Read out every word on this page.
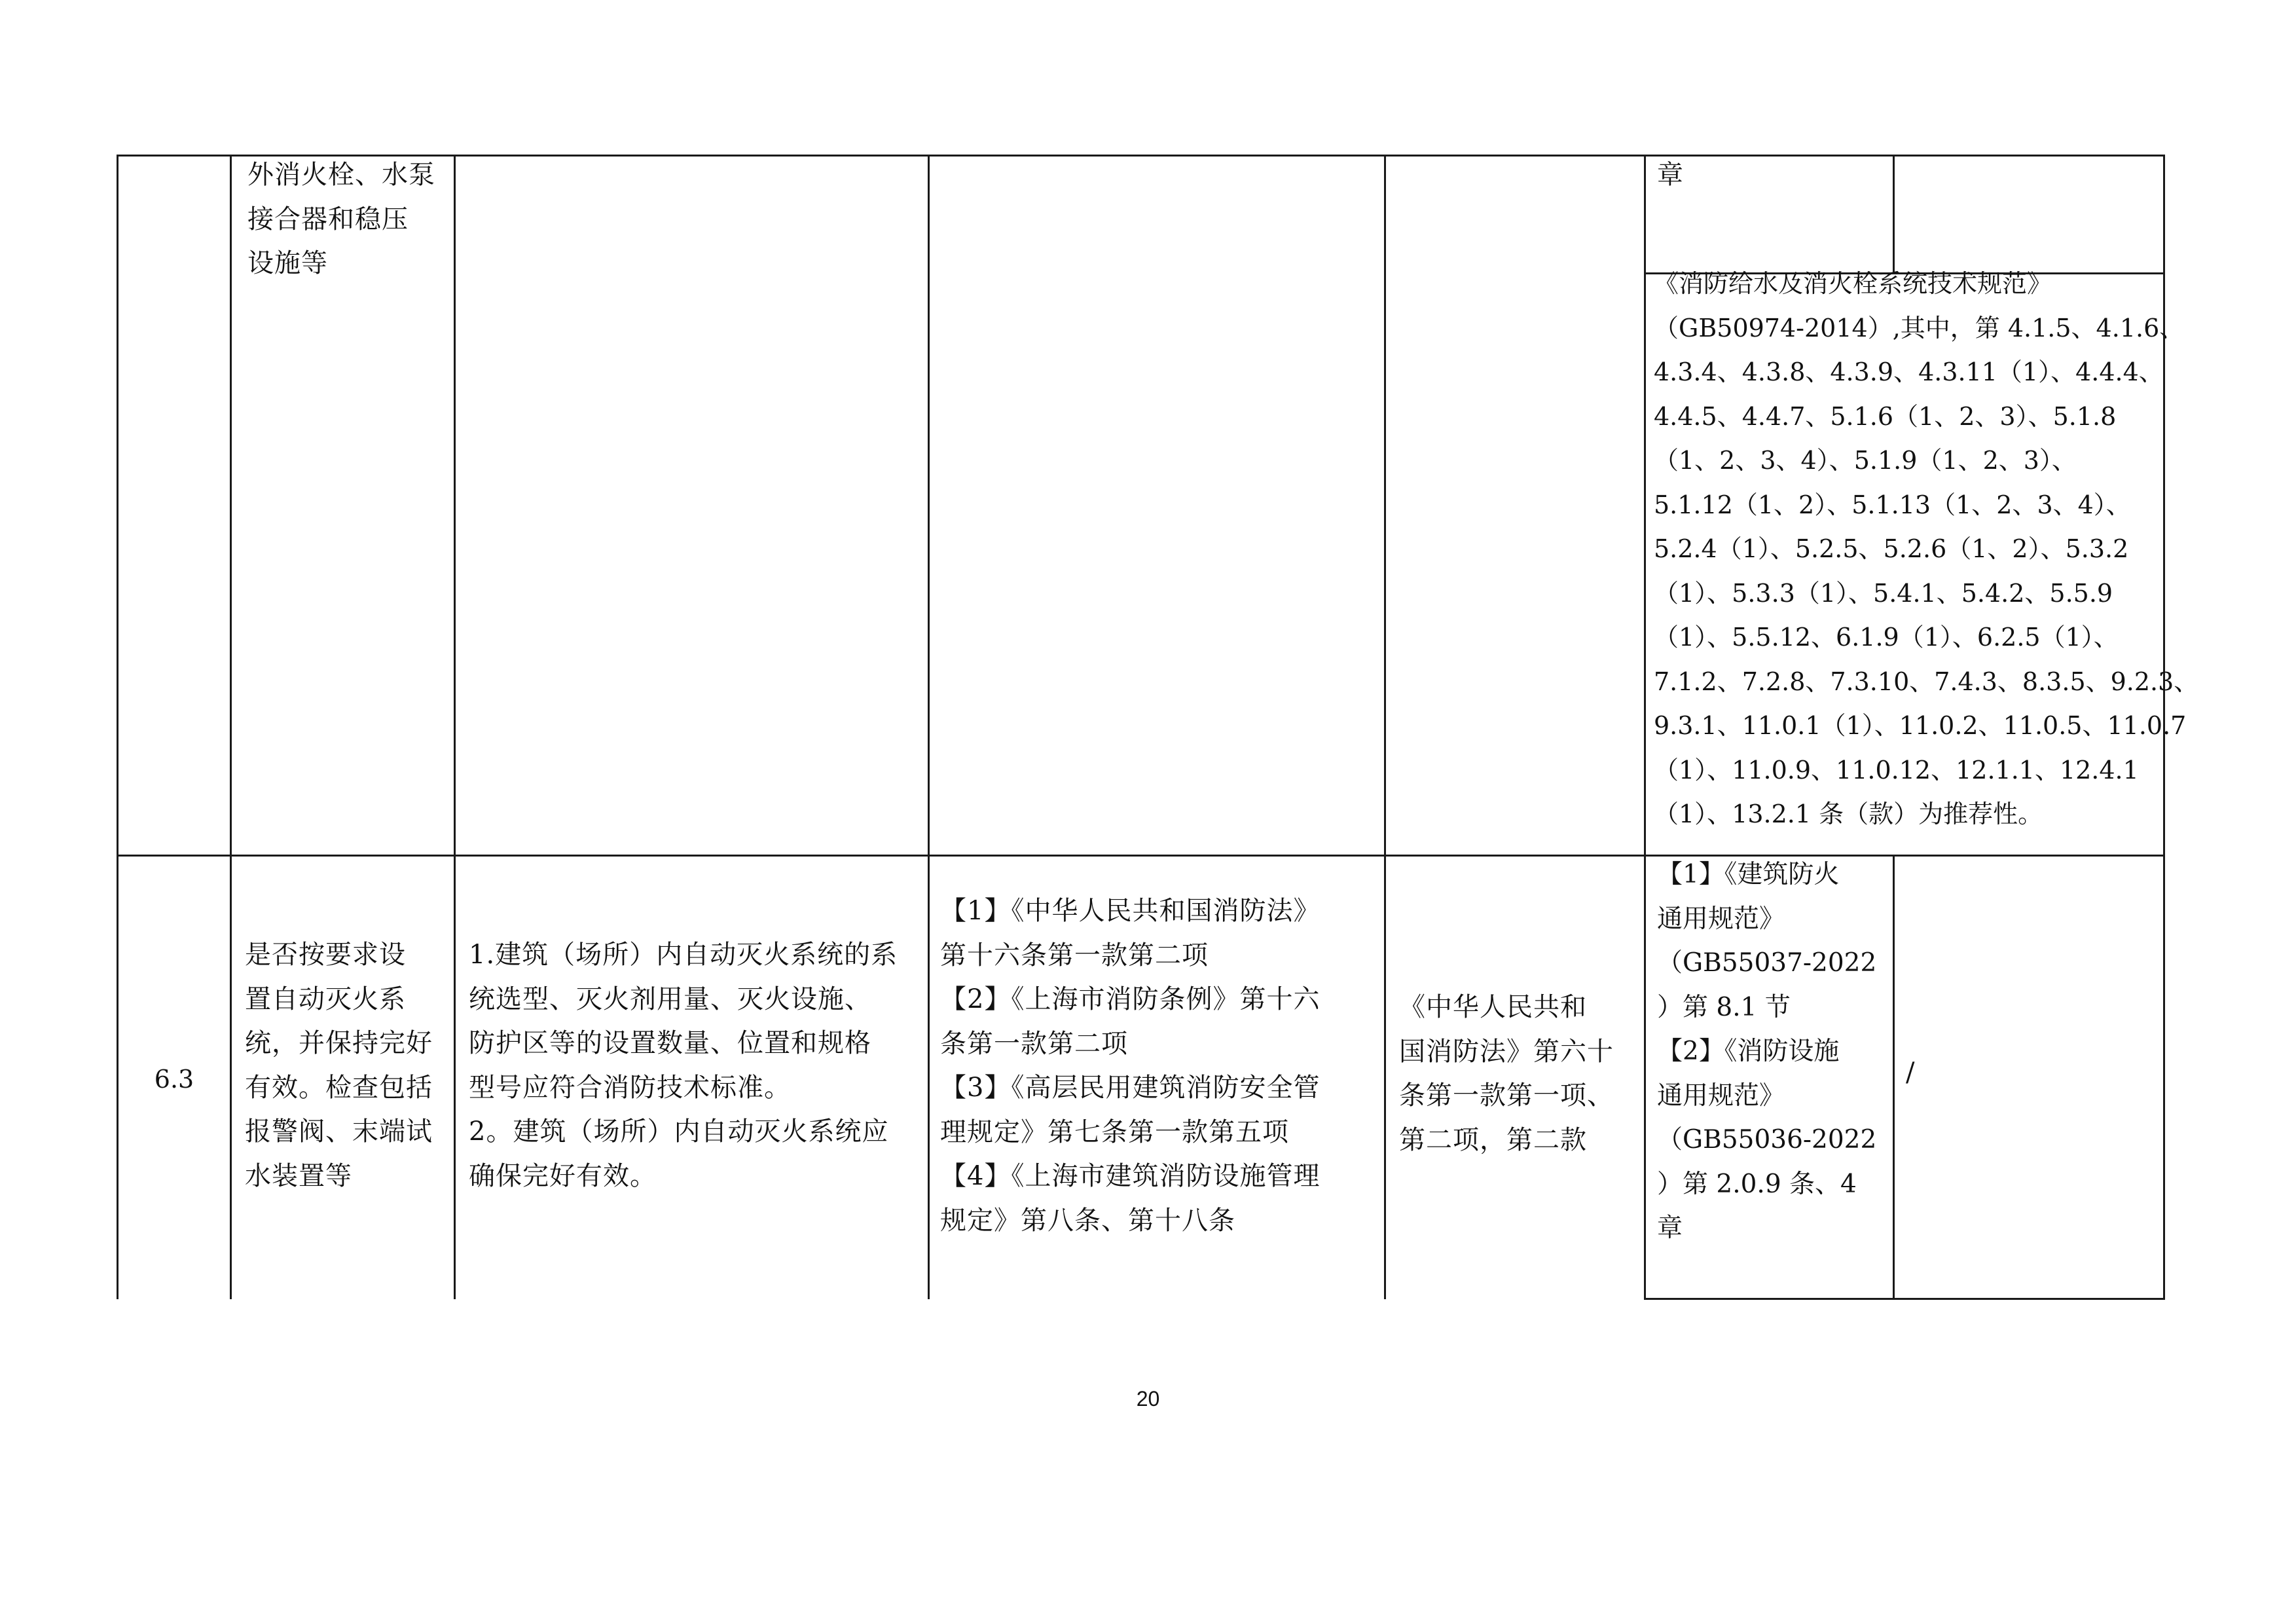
外消火栓、水泵
接合器和稳压
设施等
章
《消防给水及消火栓系统技术规范》
（GB50974-2014）,其中，第 4.1.5、4.1.6、
4.3.4、4.3.8、4.3.9、4.3.11（1）、4.4.4、
4.4.5、4.4.7、5.1.6（1、2、3）、5.1.8
（1、2、3、4）、5.1.9（1、2、3）、
5.1.12（1、2）、5.1.13（1、2、3、4）、
5.2.4（1）、5.2.5、5.2.6（1、2）、5.3.2
（1）、5.3.3（1）、5.4.1、5.4.2、5.5.9
（1）、5.5.12、6.1.9（1）、6.2.5（1）、
7.1.2、7.2.8、7.3.10、7.4.3、8.3.5、9.2.3、
9.3.1、11.0.1（1）、11.0.2、11.0.5、11.0.7
（1）、11.0.9、11.0.12、12.1.1、12.4.1
（1）、13.2.1 条（款）为推荐性。
6.3
是否按要求设
置自动灭火系
统，并保持完好
有效。检查包括
报警阀、末端试
水装置等
1.建筑（场所）内自动灭火系统的系
统选型、灭火剂用量、灭火设施、
防护区等的设置数量、位置和规格
型号应符合消防技术标准。
2。建筑（场所）内自动灭火系统应
确保完好有效。
【1】《中华人民共和国消防法》
第十六条第一款第二项
【2】《上海市消防条例》第十六
条第一款第二项
【3】《高层民用建筑消防安全管
理规定》第七条第一款第五项
【4】《上海市建筑消防设施管理
规定》第八条、第十八条
《中华人民共和
国消防法》第六十
条第一款第一项、
第二项，第二款
【1】《建筑防火
通用规范》
（GB55037-2022
）第 8.1 节
【2】《消防设施
通用规范》
（GB55036-2022
）第 2.0.9 条、4
章
/
20
